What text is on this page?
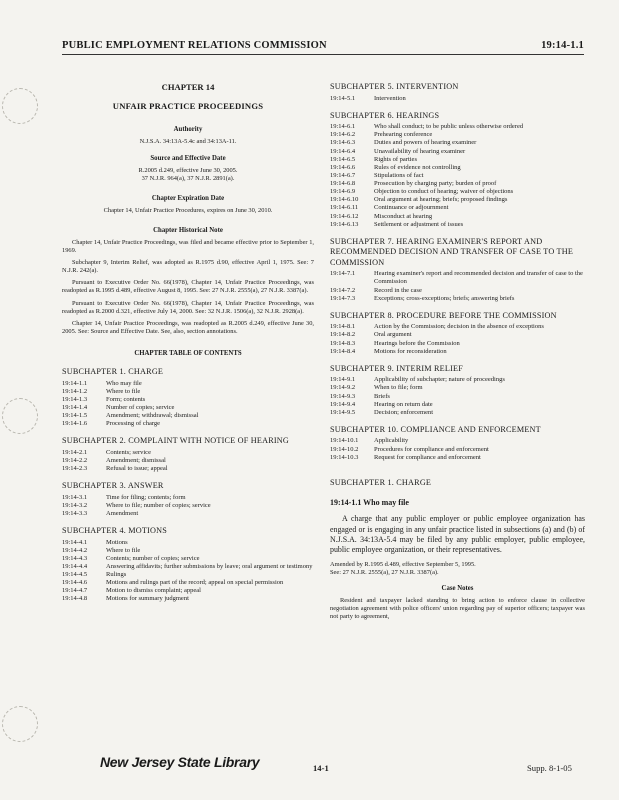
PUBLIC EMPLOYMENT RELATIONS COMMISSION	19:14-1.1
CHAPTER 14
UNFAIR PRACTICE PROCEEDINGS
Authority
N.J.S.A. 34:13A-5.4c and 34:13A-11.
Source and Effective Date
R.2005 d.249, effective June 30, 2005.
37 N.J.R. 964(a), 37 N.J.R. 2891(a).
Chapter Expiration Date
Chapter 14, Unfair Practice Procedures, expires on June 30, 2010.
Chapter Historical Note

Chapter 14, Unfair Practice Proceedings, was filed and became effective prior to September 1, 1969.

Subchapter 9, Interim Relief, was adopted as R.1975 d.90, effective April 1, 1975. See: 7 N.J.R. 242(a).

Pursuant to Executive Order No. 66(1978), Chapter 14, Unfair Practice Proceedings, was readopted as R.1995 d.489, effective August 8, 1995. See: 27 N.J.R. 2555(a), 27 N.J.R. 3387(a).

Pursuant to Executive Order No. 66(1978), Chapter 14, Unfair Practice Proceedings, was readopted as R.2000 d.321, effective July 14, 2000. See: 32 N.J.R. 1506(a), 32 N.J.R. 2928(a).

Chapter 14, Unfair Practice Proceedings, was readopted as R.2005 d.249, effective June 30, 2005. See: Source and Effective Date. See, also, section annotations.

CHAPTER TABLE OF CONTENTS
SUBCHAPTER 1. CHARGE
19:14-1.1	Who may file
19:14-1.2	Where to file
19:14-1.3	Form; contents
19:14-1.4	Number of copies; service
19:14-1.5	Amendment; withdrawal; dismissal
19:14-1.6	Processing of charge
SUBCHAPTER 2. COMPLAINT WITH NOTICE OF HEARING
19:14-2.1	Contents; service
19:14-2.2	Amendment; dismissal
19:14-2.3	Refusal to issue; appeal
SUBCHAPTER 3. ANSWER
19:14-3.1	Time for filing; contents; form
19:14-3.2	Where to file; number of copies; service
19:14-3.3	Amendment
SUBCHAPTER 4. MOTIONS
19:14-4.1	Motions
19:14-4.2	Where to file
19:14-4.3	Contents; number of copies; service
19:14-4.4	Answering affidavits; further submissions by leave; oral argument or testimony
19:14-4.5	Rulings
19:14-4.6	Motions and rulings part of the record; appeal on special permission
19:14-4.7	Motion to dismiss complaint; appeal
19:14-4.8	Motions for summary judgment
SUBCHAPTER 5. INTERVENTION
19:14-5.1	Intervention
SUBCHAPTER 6. HEARINGS
19:14-6.1	Who shall conduct; to be public unless otherwise ordered
19:14-6.2	Prehearing conference
19:14-6.3	Duties and powers of hearing examiner
19:14-6.4	Unavailability of hearing examiner
19:14-6.5	Rights of parties
19:14-6.6	Rules of evidence not controlling
19:14-6.7	Stipulations of fact
19:14-6.8	Prosecution by charging party; burden of proof
19:14-6.9	Objection to conduct of hearing; waiver of objections
19:14-6.10	Oral argument at hearing; briefs; proposed findings
19:14-6.11	Continuance or adjournment
19:14-6.12	Misconduct at hearing
19:14-6.13	Settlement or adjustment of issues
SUBCHAPTER 7. HEARING EXAMINER'S REPORT AND RECOMMENDED DECISION AND TRANSFER OF CASE TO THE COMMISSION
19:14-7.1	Hearing examiner's report and recommended decision and transfer of case to the Commission
19:14-7.2	Record in the case
19:14-7.3	Exceptions; cross-exceptions; briefs; answering briefs
SUBCHAPTER 8. PROCEDURE BEFORE THE COMMISSION
19:14-8.1	Action by the Commission; decision in the absence of exceptions
19:14-8.2	Oral argument
19:14-8.3	Hearings before the Commission
19:14-8.4	Motions for reconsideration
SUBCHAPTER 9. INTERIM RELIEF
19:14-9.1	Applicability of subchapter; nature of proceedings
19:14-9.2	When to file; form
19:14-9.3	Briefs
19:14-9.4	Hearing on return date
19:14-9.5	Decision; enforcement
SUBCHAPTER 10. COMPLIANCE AND ENFORCEMENT
19:14-10.1	Applicability
19:14-10.2	Procedures for compliance and enforcement
19:14-10.3	Request for compliance and enforcement
SUBCHAPTER 1. CHARGE
19:14-1.1 Who may file

A charge that any public employer or public employee organization has engaged or is engaging in any unfair practice listed in subsections (a) and (b) of N.J.S.A. 34:13A-5.4 may be filed by any public employer, public employee, public employee organization, or their representatives.

Amended by R.1995 d.489, effective September 5, 1995.
See: 27 N.J.R. 2555(a), 27 N.J.R. 3387(a).
Case Notes

Resident and taxpayer lacked standing to bring action to enforce clause in collective negotiation agreement with police officers' union regarding pay of superior officers; taxpayer was not party to agreement,

New Jersey State Library	14-1	Supp. 8-1-05
